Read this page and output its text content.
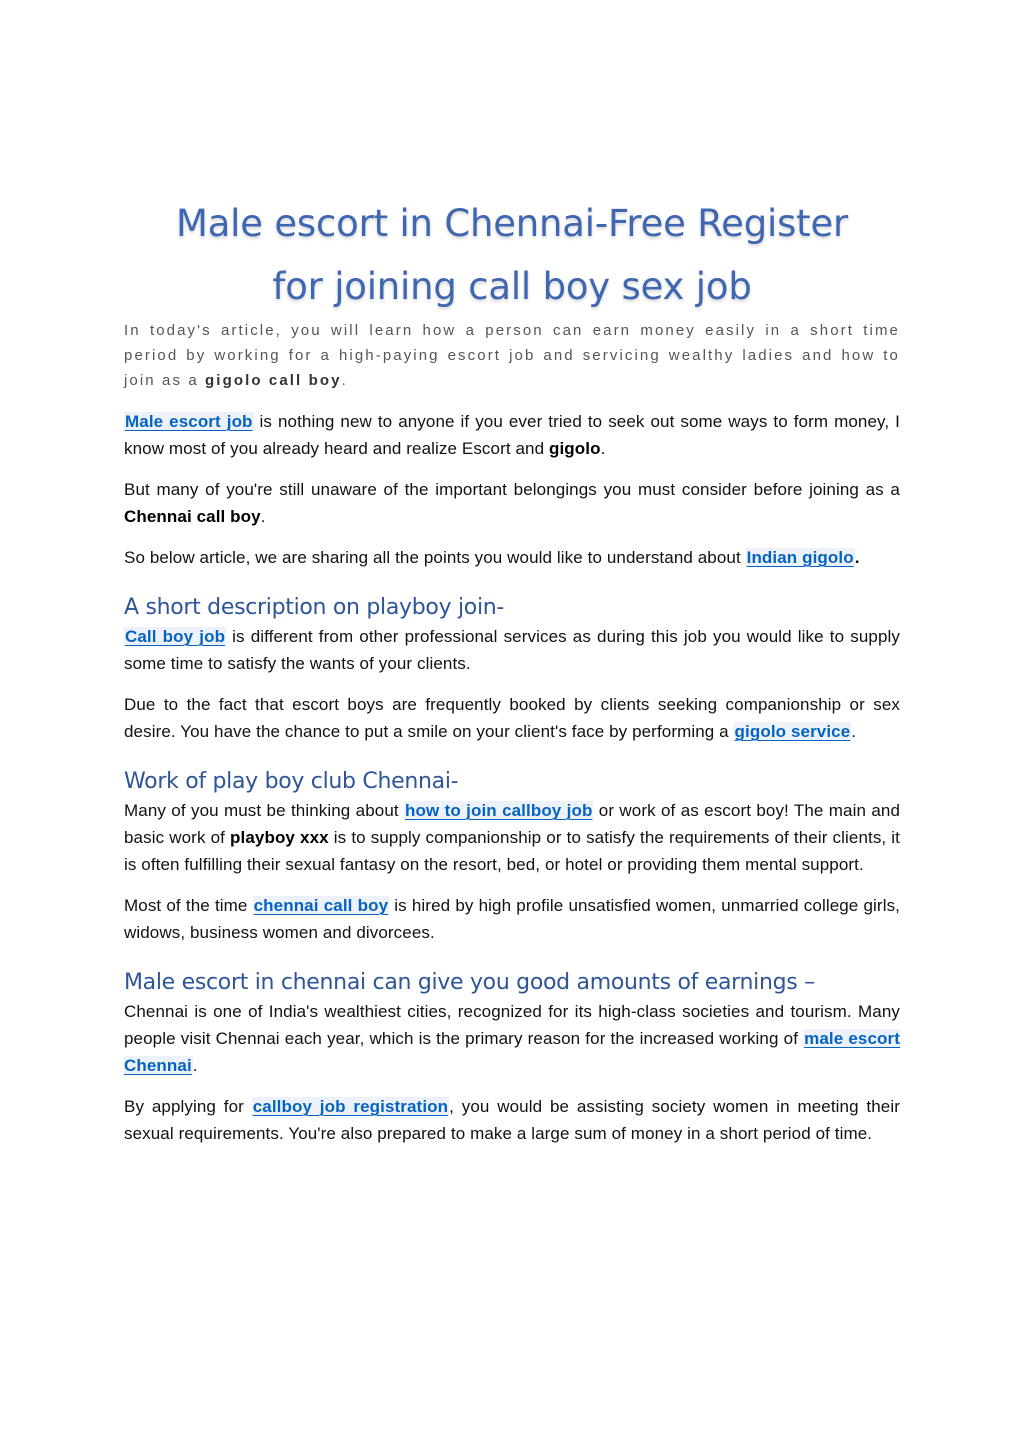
Male escort in Chennai-Free Register
for joining call boy sex job

In today's article, you will learn how a person can earn money easily in a short time period by working for a high-paying escort job and servicing wealthy ladies and how to join as a gigolo call boy.

Male escort job is nothing new to anyone if you ever tried to seek out some ways to form money, I know most of you already heard and realize Escort and gigolo.

But many of you're still unaware of the important belongings you must consider before joining as a Chennai call boy.

So below article, we are sharing all the points you would like to understand about Indian gigolo.

A short description on playboy join-

Call boy job is different from other professional services as during this job you would like to supply some time to satisfy the wants of your clients.

Due to the fact that escort boys are frequently booked by clients seeking companionship or sex desire. You have the chance to put a smile on your client's face by performing a gigolo service.

Work of play boy club Chennai-

Many of you must be thinking about how to join callboy job or work of as escort boy! The main and basic work of playboy xxx is to supply companionship or to satisfy the requirements of their clients, it is often fulfilling their sexual fantasy on the resort, bed, or hotel or providing them mental support.

Most of the time chennai call boy is hired by high profile unsatisfied women, unmarried college girls, widows, business women and divorcees.

Male escort in chennai can give you good amounts of earnings –

Chennai is one of India's wealthiest cities, recognized for its high-class societies and tourism. Many people visit Chennai each year, which is the primary reason for the increased working of male escort Chennai.

By applying for callboy job registration, you would be assisting society women in meeting their sexual requirements. You're also prepared to make a large sum of money in a short period of time.
